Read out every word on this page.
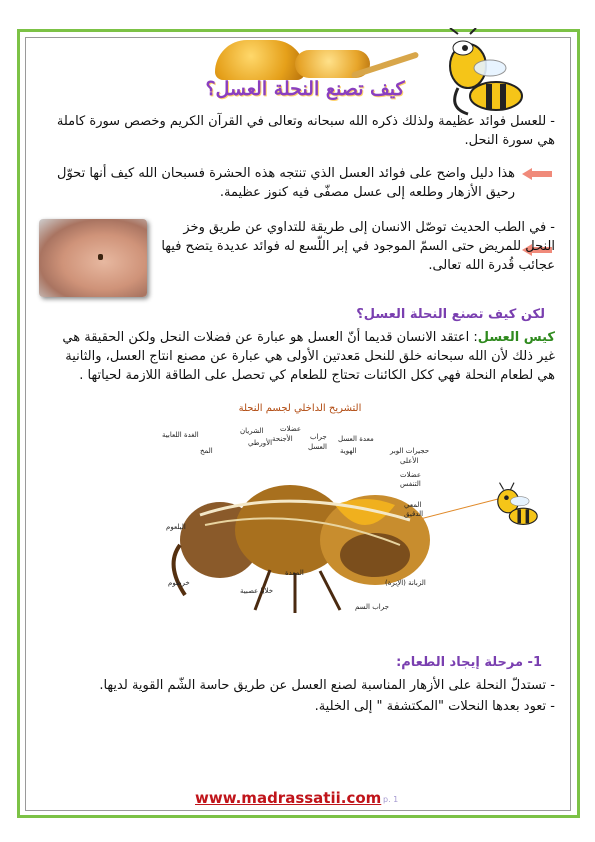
كيف تصنع النحلة العسل؟
- للعسل فوائد عظيمة ولذلك ذكره الله سبحانه وتعالى في القرآن الكريم وخصص سورة كاملة هي سورة النحل.
هذا دليل واضح على فوائد العسل الذي تنتجه هذه الحشرة فسبحان الله كيف أنها تحوّل رحيق الأزهار وطلعه إلى عسل مصفّى فيه كنوز عظيمة.
- في الطب الحديث توصّل الانسان إلى طريقة للتداوي عن طريق وخز النحل للمريض حتى السمّ الموجود في إبر اللّسع له فوائد عديدة يتضح فيها عجائب قُدرة الله تعالى.
لكن كيف تصنع النحلة العسل؟
كيس العسل: اعتقد الانسان قديما أنّ العسل هو عبارة عن فضلات النحل ولكن الحقيقة هي غير ذلك لأن الله سبحانه خلق للنحل مَعدتين الأولى هي عبارة عن مصنع انتاج العسل، والثانية هي لطعام النحلة فهي ككل الكائنات تحتاج للطعام كي تحصل على الطاقة اللازمة لحياتها .
التشريح الداخلي لجسم النحلة
الغدة اللعابية
المخ
الشريان عضلات
الأجنحة
الأورطي
جراب
العسل
معدة العسل
الهوية	حجيرات الوبر
الأعلى
عضلات
التنفس
المعي
الدقيق
البلعوم
خرطوم
خلايا عصبية
المعدة
الزبانة (الإبرة)
جراب السم
1- مرحلة إيجاد الطعام:
- تستدلّ النحلة على الأزهار المناسبة لصنع العسل عن طريق حاسة الشّم القوية لديها.
- تعود بعدها النحلات "المكتشفة " إلى الخلية.
www.madrassatii.com p. 1
